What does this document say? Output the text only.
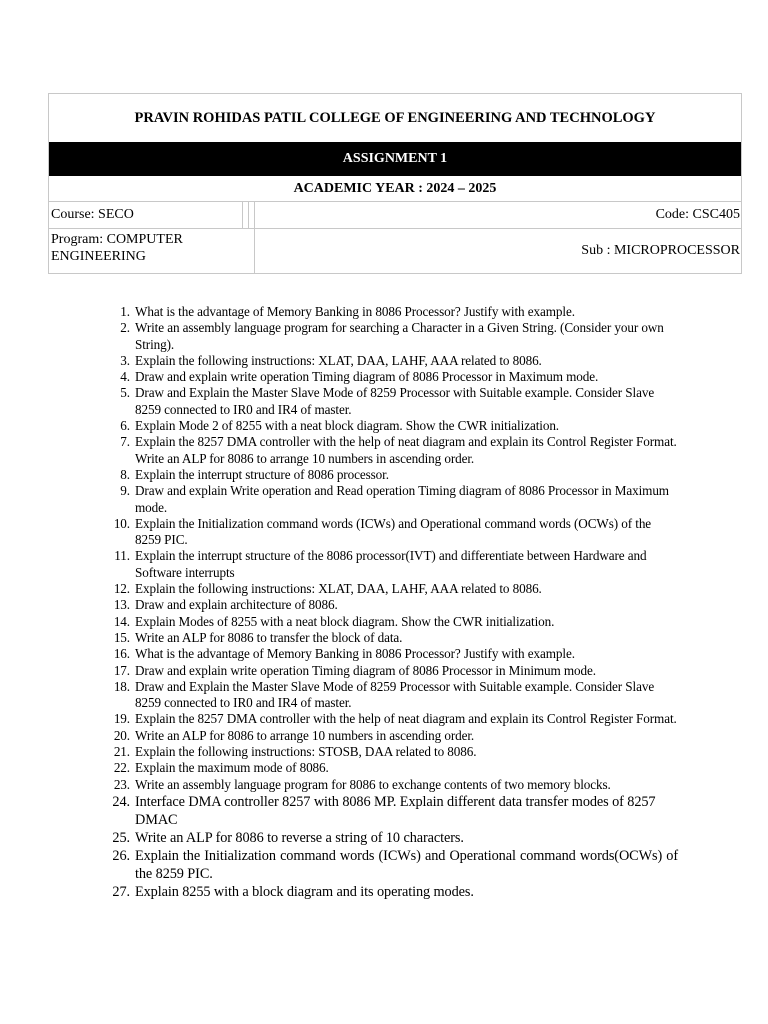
PRAVIN ROHIDAS PATIL COLLEGE OF ENGINEERING AND TECHNOLOGY
ASSIGNMENT 1
ACADEMIC YEAR : 2024 – 2025
Course: SECO	Code: CSC405
Program: COMPUTER ENGINEERING	Sub : MICROPROCESSOR
1. What is the advantage of Memory Banking in 8086 Processor? Justify with example.
2. Write an assembly language program for searching a Character in a Given String. (Consider your own String).
3. Explain the following instructions: XLAT, DAA, LAHF, AAA related to 8086.
4. Draw and explain write operation Timing diagram of 8086 Processor in Maximum mode.
5. Draw and Explain the Master Slave Mode of 8259 Processor with Suitable example. Consider Slave 8259 connected to IR0 and IR4 of master.
6. Explain Mode 2 of 8255 with a neat block diagram. Show the CWR initialization.
7. Explain the 8257 DMA controller with the help of neat diagram and explain its Control Register Format. Write an ALP for 8086 to arrange 10 numbers in ascending order.
8. Explain the interrupt structure of 8086 processor.
9. Draw and explain Write operation and Read operation Timing diagram of 8086 Processor in Maximum mode.
10. Explain the Initialization command words (ICWs) and Operational command words (OCWs) of the 8259 PIC.
11. Explain the interrupt structure of the 8086 processor(IVT) and differentiate between Hardware and Software interrupts
12. Explain the following instructions: XLAT, DAA, LAHF, AAA related to 8086.
13. Draw and explain architecture of 8086.
14. Explain Modes of 8255 with a neat block diagram. Show the CWR initialization.
15. Write an ALP for 8086 to transfer the block of data.
16. What is the advantage of Memory Banking in 8086 Processor? Justify with example.
17. Draw and explain write operation Timing diagram of 8086 Processor in Minimum mode.
18. Draw and Explain the Master Slave Mode of 8259 Processor with Suitable example. Consider Slave 8259 connected to IR0 and IR4 of master.
19. Explain the 8257 DMA controller with the help of neat diagram and explain its Control Register Format.
20. Write an ALP for 8086 to arrange 10 numbers in ascending order.
21. Explain the following instructions: STOSB, DAA related to 8086.
22. Explain the maximum mode of 8086.
23. Write an assembly language program for 8086 to exchange contents of two memory blocks.
24. Interface DMA controller 8257 with 8086 MP. Explain different data transfer modes of 8257 DMAC
25. Write an ALP for 8086 to reverse a string of 10 characters.
26. Explain the Initialization command words (ICWs) and Operational command words(OCWs) of the 8259 PIC.
27. Explain 8255 with a block diagram and its operating modes.
